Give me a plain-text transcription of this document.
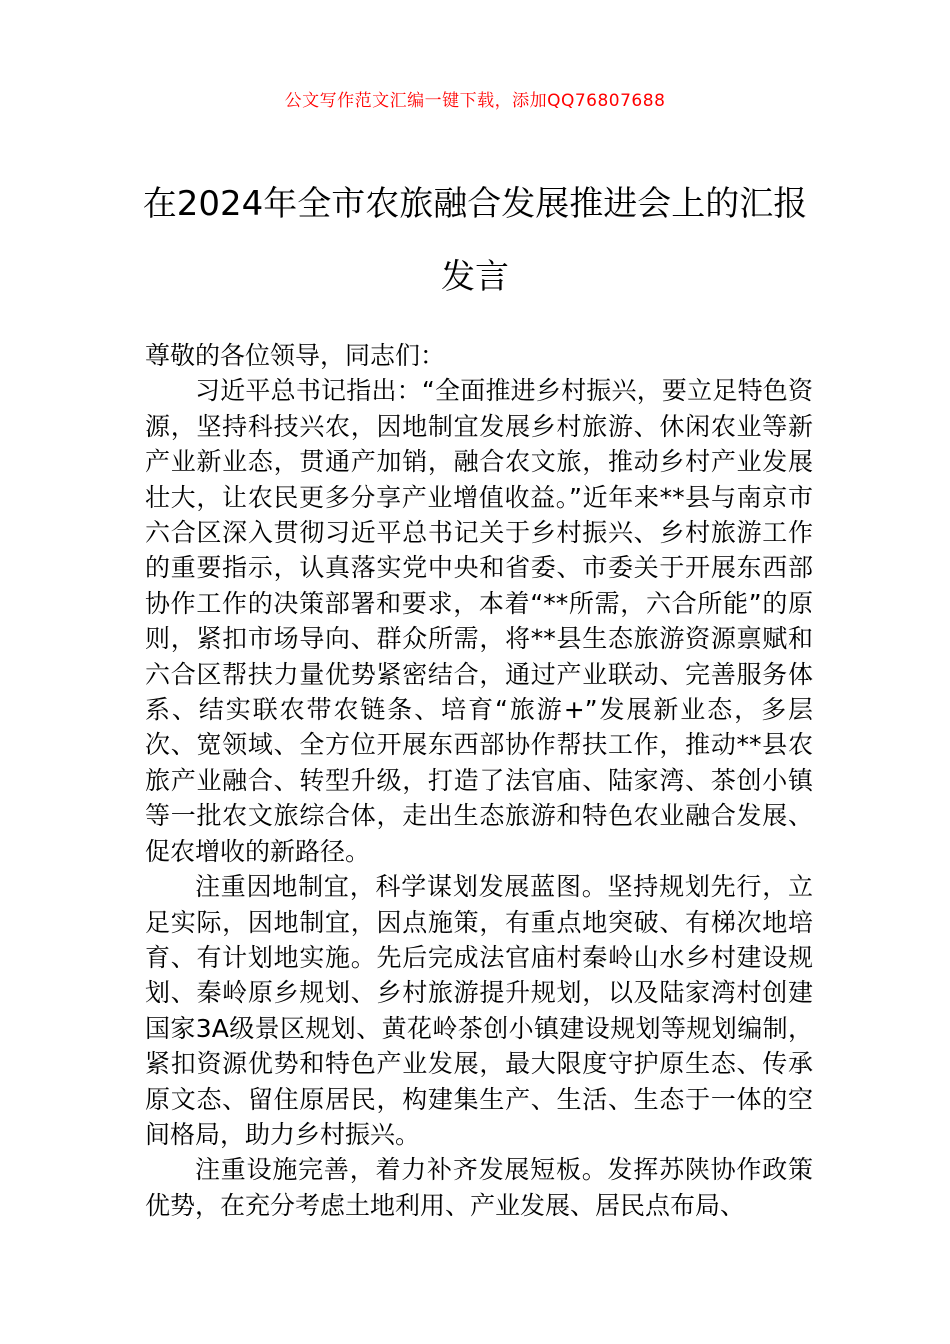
公文写作范文汇编一键下载，添加QQ76807688
在2024年全市农旅融合发展推进会上的汇报发言

尊敬的各位领导，同志们：

习近平总书记指出：“全面推进乡村振兴，要立足特色资源，坚持科技兴农，因地制宜发展乡村旅游、休闲农业等新产业新业态，贯通产加销，融合农文旅，推动乡村产业发展壮大，让农民更多分享产业增值收益。”近年来**县与南京市六合区深入贯彻习近平总书记关于乡村振兴、乡村旅游工作的重要指示，认真落实党中央和省委、市委关于开展东西部协作工作的决策部署和要求，本着“**所需，六合所能”的原则，紧扣市场导向、群众所需，将**县生态旅游资源禀赋和六合区帮扶力量优势紧密结合，通过产业联动、完善服务体系、结实联农带农链条、培育“旅游+”发展新业态，多层次、宽领域、全方位开展东西部协作帮扶工作，推动**县农旅产业融合、转型升级，打造了法官庙、陆家湾、茶创小镇等一批农文旅综合体，走出生态旅游和特色农业融合发展、促农增收的新路径。

注重因地制宜，科学谋划发展蓝图。坚持规划先行，立足实际，因地制宜，因点施策，有重点地突破、有梯次地培育、有计划地实施。先后完成法官庙村秦岭山水乡村建设规划、秦岭原乡规划、乡村旅游提升规划，以及陆家湾村创建国家3A级景区规划、黄花岭茶创小镇建设规划等规划编制，紧扣资源优势和特色产业发展，最大限度守护原生态、传承原文态、留住原居民，构建集生产、生活、生态于一体的空间格局，助力乡村振兴。

注重设施完善，着力补齐发展短板。发挥苏陕协作政策优势，在充分考虑土地利用、产业发展、居民点布局、
